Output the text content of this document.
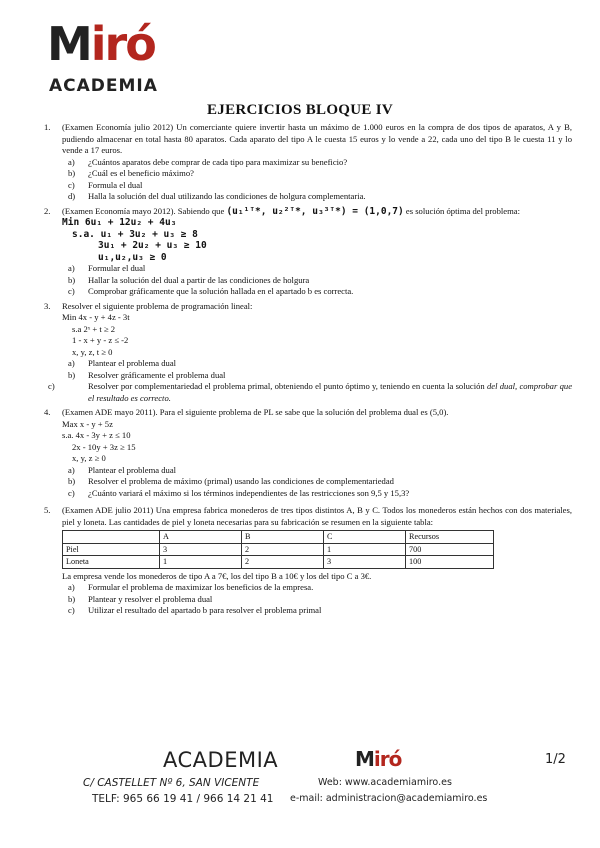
Miró
ACADEMIA
EJERCICIOS BLOQUE IV
1. (Examen Economía julio 2012) Un comerciante quiere invertir hasta un máximo de 1.000 euros en la compra de dos tipos de aparatos, A y B, pudiendo almacenar en total hasta 80 aparatos. Cada aparato del tipo A le cuesta 15 euros y lo vende a 22, cada uno del tipo B le cuesta 11 y lo vende a 17 euros.
a) ¿Cuántos aparatos debe comprar de cada tipo para maximizar su beneficio?
b) ¿Cuál es el beneficio máximo?
c) Formula el dual
d) Halla la solución del dual utilizando las condiciones de holgura complementaria.
2. (Examen Economía mayo 2012). Sabiendo que (u₁¹ᵀ*, u₂²ᵀ*, u₃³ᵀ*) = (1,0,7) es solución óptima del problema:
Min 6u₁ + 12u₂ + 4u₃
s.a. u₁ + 3u₂ + u₃ ≥ 8
3u₁ + 2u₂ + u₃ ≥ 10
u₁,u₂,u₃ ≥ 0
a) Formular el dual
b) Hallar la solución del dual a partir de las condiciones de holgura
c) Comprobar gráficamente que la solución hallada en el apartado b es correcta.
3. Resolver el siguiente problema de programación lineal:
Min 4x - y + 4z - 3t
s.a 2ˣ + t ≥ 2
1 - x + y - z ≤ -2
x, y, z, t ≥ 0
a) Plantear el problema dual
b) Resolver gráficamente el problema dual
c)	Resolver por complementariedad el problema primal, obteniendo el punto óptimo y, teniendo en cuenta la solución del dual, comprobar que el resultado es correcto.
4. (Examen ADE mayo 2011). Para el siguiente problema de PL se sabe que la solución del problema dual es (5,0).
Max x - y + 5z
s.a. 4x - 3y + z ≤ 10
2x - 10y + 3z ≥ 15
x, y, z ≥ 0
a) Plantear el problema dual
b) Resolver el problema de máximo (primal) usando las condiciones de complementariedad
c) ¿Cuánto variará el máximo si los términos independientes de las restricciones son 9,5 y 15,3?
5. (Examen ADE julio 2011) Una empresa fabrica monederos de tres tipos distintos A, B y C. Todos los monederos están hechos con dos materiales, piel y loneta. Las cantidades de piel y loneta necesarias para su fabricación se resumen en la siguiente tabla:
	A	B	C	Recursos
Piel	3	2	1	700
Loneta	1	2	3	100
La empresa vende los monederos de tipo A a 7€, los del tipo B a 10€ y los del tipo C a 3€.
a) Formular el problema de maximizar los beneficios de la empresa.
b) Plantear y resolver el problema dual
c) Utilizar el resultado del apartado b para resolver el problema primal
ACADEMIA	Miró	1/2
C/ CASTELLET Nº 6, SAN VICENTE
TELF: 965 66 19 41 / 966 14 21 41
Web: www.academiamiro.es
e-mail: administracion@academiamiro.es
